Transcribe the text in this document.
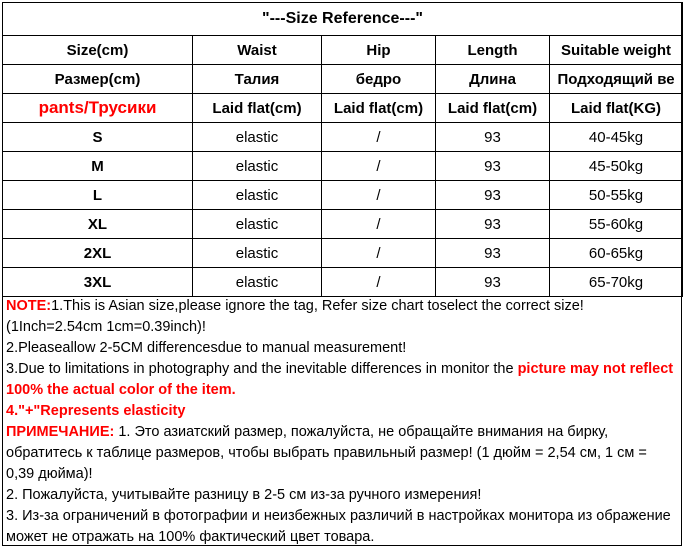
"---Size Reference---"				
Size(cm)	Waist	Hip	Length	Suitable weight
Размер(cm)	Талия	бедро	Длина	Подходящий ве
pants/Трусики	Laid flat(cm)	Laid flat(cm)	Laid flat(cm)	Laid flat(KG)
S	elastic	/	93	40-45kg
M	elastic	/	93	45-50kg
L	elastic	/	93	50-55kg
XL	elastic	/	93	55-60kg
2XL	elastic	/	93	60-65kg
3XL	elastic	/	93	65-70kg

NOTE:1.This is Asian size,please ignore the tag, Refer size chart toselect the correct size!(1Inch=2.54cm 1cm=0.39inch)!

2.Pleaseallow 2-5CM differencesdue to manual measurement!

3.Due to limitations in photography and the inevitable differences in monitor the picture may not reflect 100% the actual color of the item.

4."+"Represents elasticity

ПРИМЕЧАНИЕ: 1. Это азиатский размер, пожалуйста, не обращайте внимания на бирку, обратитесь к таблице размеров, чтобы выбрать правильный размер! (1 дюйм = 2,54 см, 1 см = 0,39 дюйма)!

2. Пожалуйста, учитывайте разницу в 2-5 см из-за ручного измерения!

3. Из-за ограничений в фотографии и неизбежных различий в настройках монитора из ображение может не отражать на 100% фактический цвет товара.
